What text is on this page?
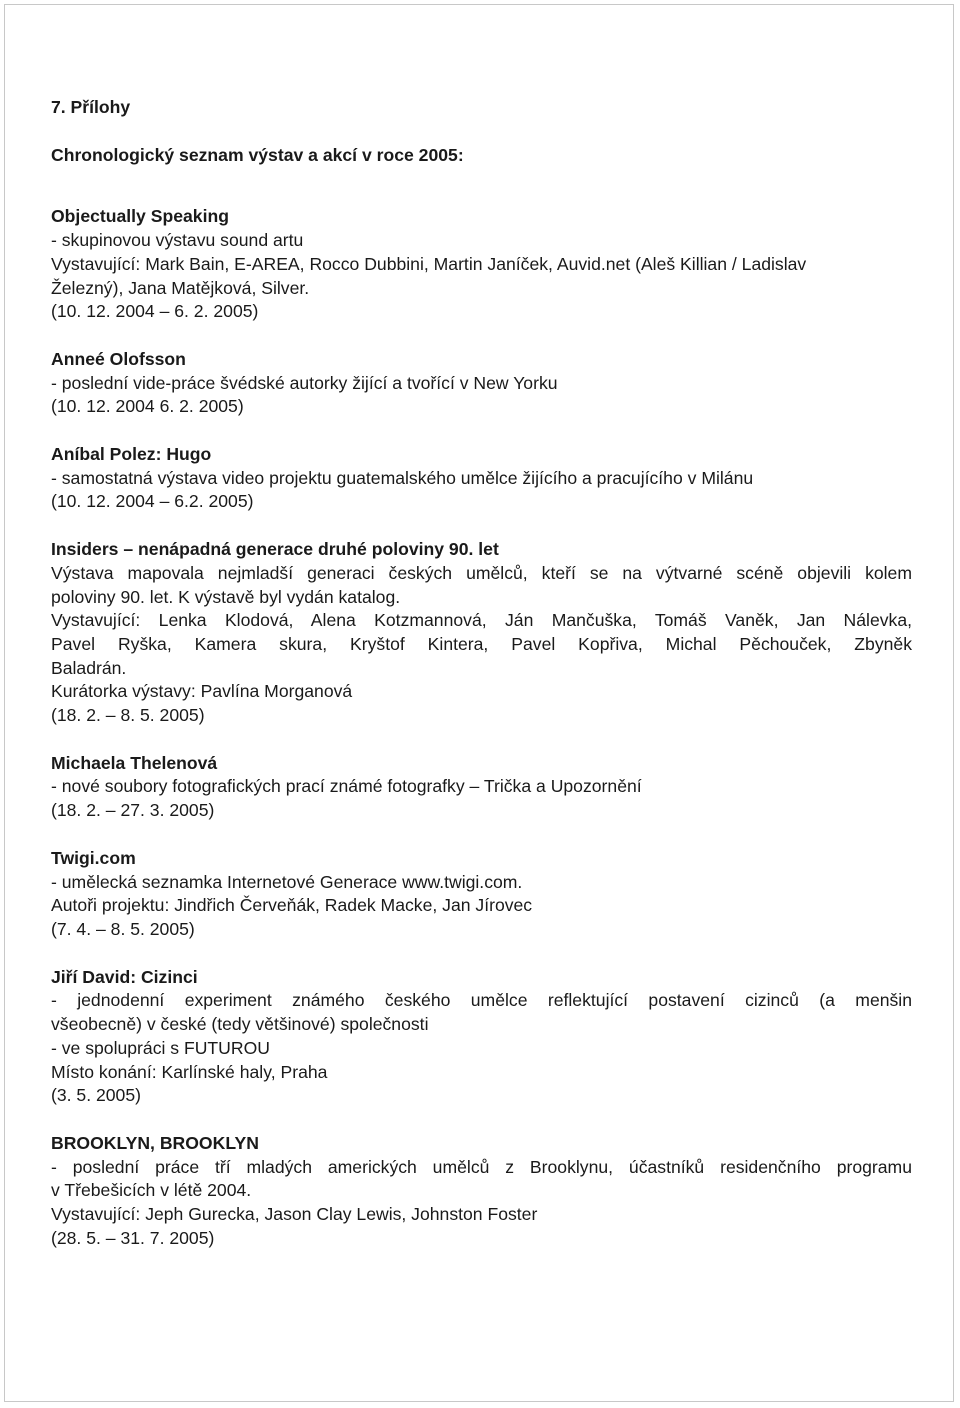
7. Přílohy
Chronologický seznam výstav a akcí v roce 2005:
Objectually Speaking
- skupinovou výstavu sound artu
Vystavující: Mark Bain, E-AREA, Rocco Dubbini, Martin Janíček, Auvid.net (Aleš Killian / Ladislav
Železný), Jana Matějková, Silver.
(10. 12. 2004 – 6. 2. 2005)
Anneé Olofsson
- poslední vide-práce švédské autorky žijící a tvořící v New Yorku
(10. 12. 2004 6. 2. 2005)
Aníbal Polez: Hugo
- samostatná výstava video projektu guatemalského umělce žijícího a pracujícího v Milánu
(10. 12. 2004 – 6.2. 2005)
Insiders – nenápadná generace druhé poloviny 90. let
Výstava mapovala nejmladší generaci českých umělců, kteří se na výtvarné scéně objevili kolem
poloviny 90. let. K výstavě byl vydán katalog.
Vystavující: Lenka Klodová, Alena Kotzmannová, Ján Mančuška, Tomáš Vaněk, Jan Nálevka,
Pavel Ryška, Kamera skura, Kryštof Kintera, Pavel Kopřiva, Michal Pěchouček, Zbyněk
Baladrán.
Kurátorka výstavy: Pavlína Morganová
(18. 2. – 8. 5. 2005)
Michaela Thelenová
- nové soubory fotografických prací známé fotografky – Trička a Upozornění
(18. 2. – 27. 3. 2005)
Twigi.com
- umělecká seznamka Internetové Generace www.twigi.com.
Autoři projektu: Jindřich Červeňák, Radek Macke, Jan Jírovec
(7. 4. – 8. 5. 2005)
Jiří David: Cizinci
- jednodenní experiment známého českého umělce reflektující postavení cizinců (a menšin
všeobecně) v české (tedy většinové) společnosti
- ve spolupráci s FUTUROU
Místo konání: Karlínské haly, Praha
(3. 5. 2005)
BROOKLYN, BROOKLYN
- poslední práce tří mladých amerických umělců z Brooklynu, účastníků residenčního programu
v Třebešicích v létě 2004.
Vystavující: Jeph Gurecka, Jason Clay Lewis, Johnston Foster
(28. 5. – 31. 7. 2005)
